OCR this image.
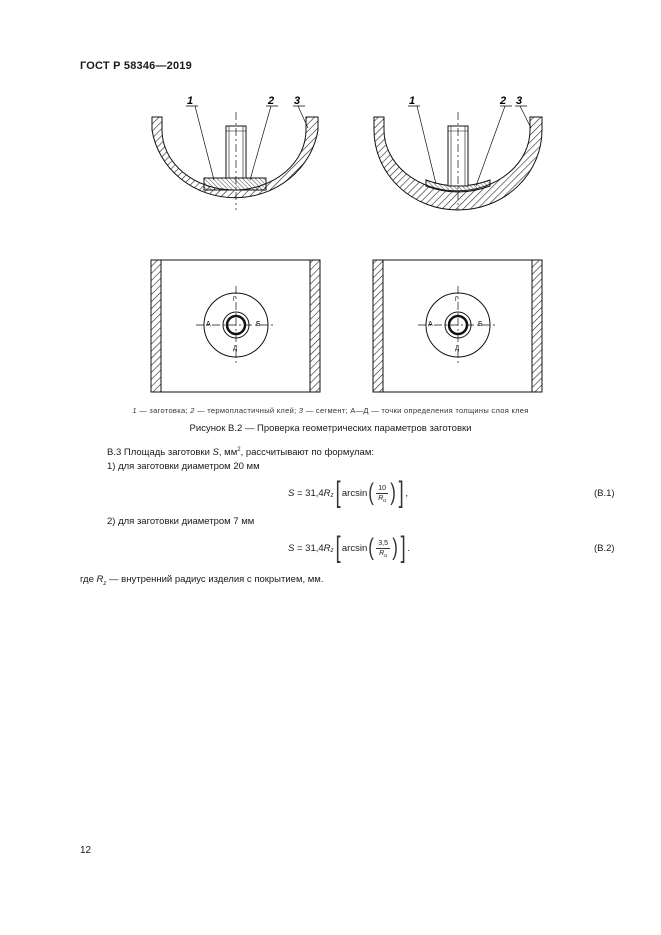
ГОСТ Р 58346—2019
1	2 3	1	2 3
А	Б
Г
Д
А	Б
Г
Д
1 — заготовка; 2 — термопластичный клей; 3 — сегмент; А—Д — точки определения толщины слоя клея
Рисунок В.2 — Проверка геометрических параметров заготовки
В.3 Площадь заготовки S, $мм^2$, рассчитывают по формулам:
1) для заготовки диаметром 20 мм
S = 31,4 R z [ arcsin ( $\frac{10}{R_и}$ ) ] ,	(В.1)
2) для заготовки диаметром 7 мм
S = 31,4 R z [ arcsin ( $\frac{3,5}{R_и}$ ) ] .	(В.2)
где $R_z$ — внутренний радиус изделия с покрытием, мм.
12
